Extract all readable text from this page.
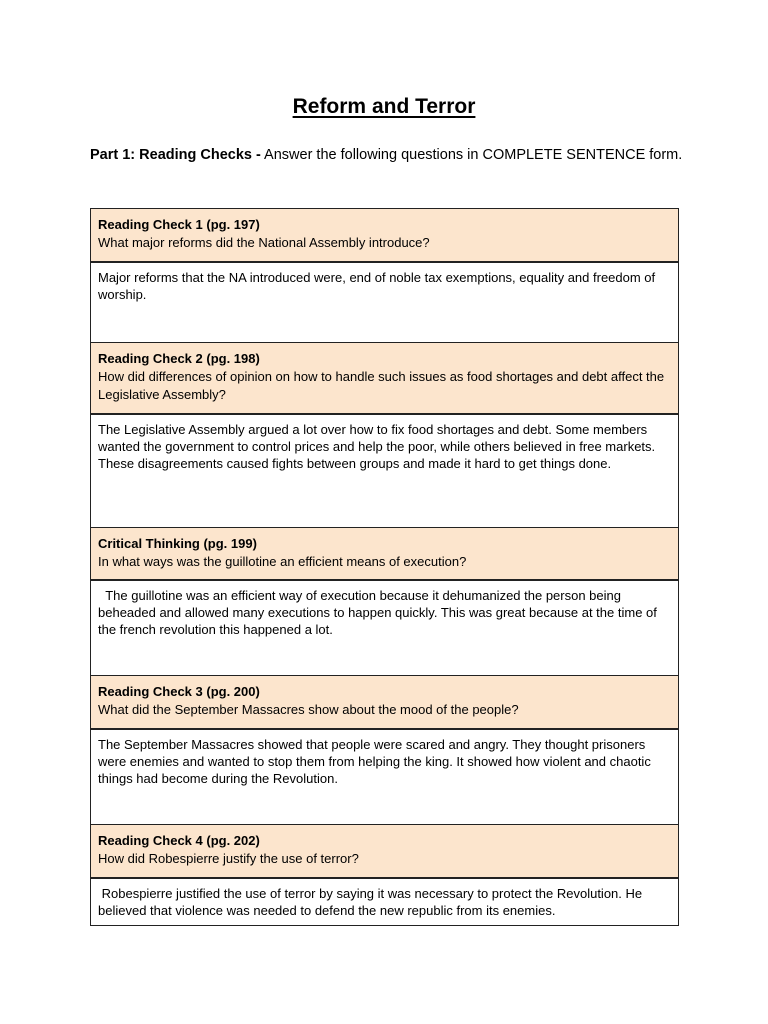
Reform and Terror
Part 1: Reading Checks - Answer the following questions in COMPLETE SENTENCE form.
Reading Check 1 (pg. 197)
What major reforms did the National Assembly introduce?

Major reforms that the NA introduced were, end of noble tax exemptions, equality and freedom of worship.

Reading Check 2 (pg. 198)
How did differences of opinion on how to handle such issues as food shortages and debt affect the Legislative Assembly?

The Legislative Assembly argued a lot over how to fix food shortages and debt. Some members wanted the government to control prices and help the poor, while others believed in free markets. These disagreements caused fights between groups and made it hard to get things done.

Critical Thinking (pg. 199)
In what ways was the guillotine an efficient means of execution?

The guillotine was an efficient way of execution because it dehumanized the person being beheaded and allowed many executions to happen quickly. This was great because at the time of the french revolution this happened a lot.

Reading Check 3 (pg. 200)
What did the September Massacres show about the mood of the people?

The September Massacres showed that people were scared and angry. They thought prisoners were enemies and wanted to stop them from helping the king. It showed how violent and chaotic things had become during the Revolution.

Reading Check 4 (pg. 202)
How did Robespierre justify the use of terror?

Robespierre justified the use of terror by saying it was necessary to protect the Revolution. He believed that violence was needed to defend the new republic from its enemies.
